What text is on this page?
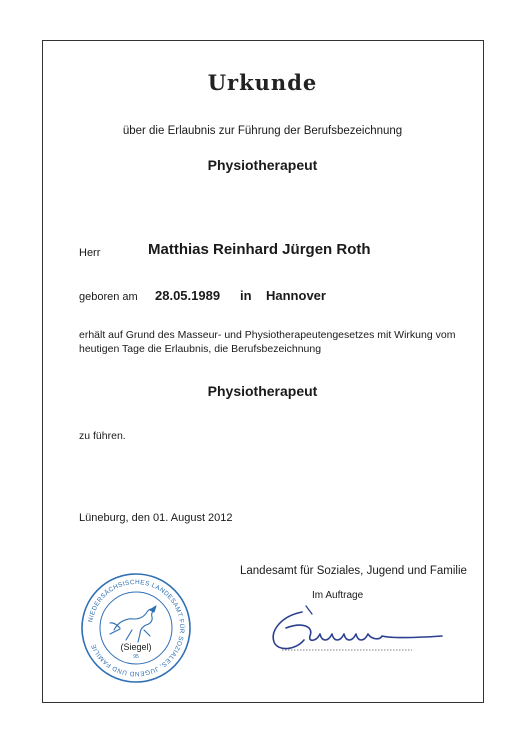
Urkunde
über die Erlaubnis zur Führung der Berufsbezeichnung
Physiotherapeut
Herr	Matthias Reinhard Jürgen Roth
geboren am 28.05.1989 in Hannover
erhält auf Grund des Masseur- und Physiotherapeutengesetzes mit Wirkung vom
heutigen Tage die Erlaubnis, die Berufsbezeichnung
Physiotherapeut
zu führen.
Lüneburg, den 01. August 2012
Landesamt für Soziales, Jugend und Familie
Im Auftrage
NIEDERSÄCHSISCHES LANDESAMT FÜR SOZIALES, JUGEND UND FAMILIE	(Siegel)
95
